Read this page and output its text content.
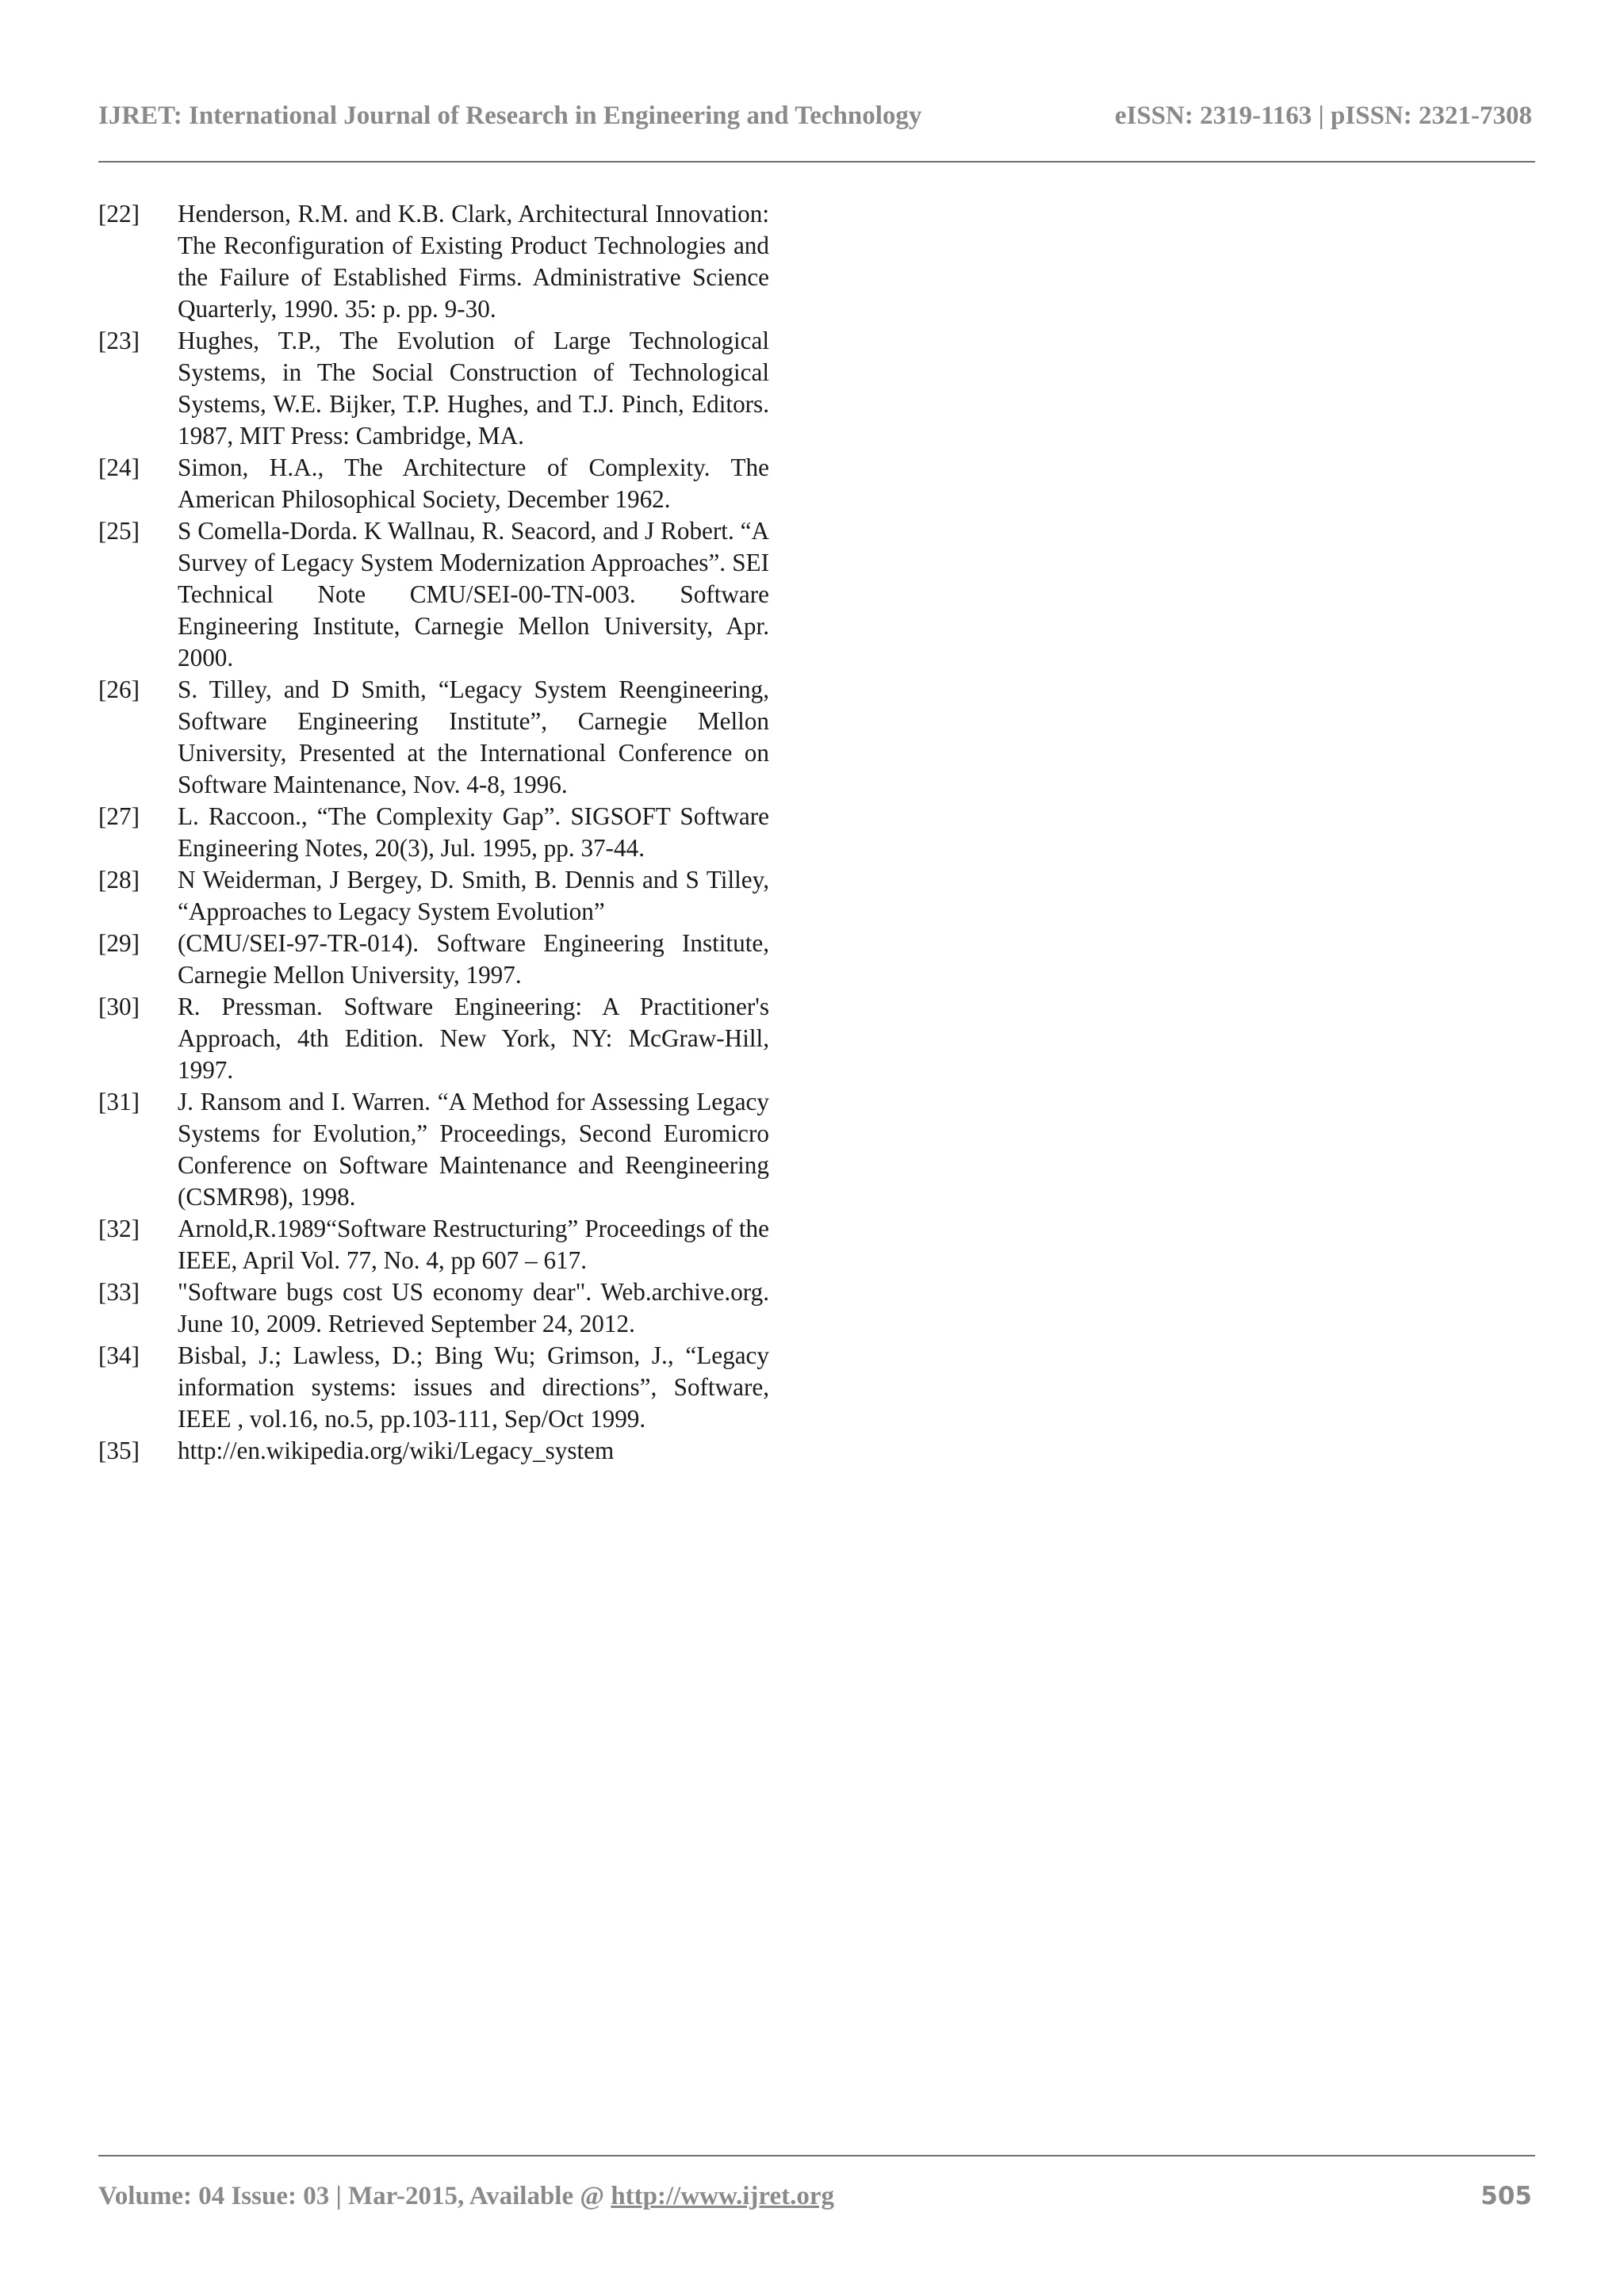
IJRET: International Journal of Research in Engineering and Technology	eISSN: 2319-1163 | pISSN: 2321-7308
[22]	Henderson, R.M. and K.B. Clark, Architectural Innovation: The Reconfiguration of Existing Product Technologies and the Failure of Established Firms. Administrative Science Quarterly, 1990. 35: p. pp. 9-30.
[23]	Hughes, T.P., The Evolution of Large Technological Systems, in The Social Construction of Technological Systems, W.E. Bijker, T.P. Hughes, and T.J. Pinch, Editors. 1987, MIT Press: Cambridge, MA.
[24]	Simon, H.A., The Architecture of Complexity. The American Philosophical Society, December 1962.
[25]	S Comella-Dorda. K Wallnau, R. Seacord, and J Robert. “A Survey of Legacy System Modernization Approaches”. SEI Technical Note CMU/SEI-00-TN-003. Software Engineering Institute, Carnegie Mellon University, Apr. 2000.
[26]	S. Tilley, and D Smith, “Legacy System Reengineering, Software Engineering Institute”, Carnegie Mellon University, Presented at the International Conference on Software Maintenance, Nov. 4-8, 1996.
[27]	L. Raccoon., “The Complexity Gap”. SIGSOFT Software Engineering Notes, 20(3), Jul. 1995, pp. 37-44.
[28]	N Weiderman, J Bergey, D. Smith, B. Dennis and S Tilley, “Approaches to Legacy System Evolution”
[29]	(CMU/SEI-97-TR-014). Software Engineering Institute, Carnegie Mellon University, 1997.
[30]	R. Pressman. Software Engineering: A Practitioner's Approach, 4th Edition. New York, NY: McGraw-Hill, 1997.
[31]	J. Ransom and I. Warren. “A Method for Assessing Legacy Systems for Evolution,” Proceedings, Second Euromicro Conference on Software Maintenance and Reengineering (CSMR98), 1998.
[32]	Arnold,R.1989“Software Restructuring” Proceedings of the IEEE, April Vol. 77, No. 4, pp 607 – 617.
[33]	"Software bugs cost US economy dear". Web.archive.org. June 10, 2009. Retrieved September 24, 2012.
[34]	Bisbal, J.; Lawless, D.; Bing Wu; Grimson, J., “Legacy information systems: issues and directions”, Software, IEEE , vol.16, no.5, pp.103-111, Sep/Oct 1999.
[35]	http://en.wikipedia.org/wiki/Legacy_system
Volume: 04 Issue: 03 | Mar-2015, Available @ http://www.ijret.org	505
